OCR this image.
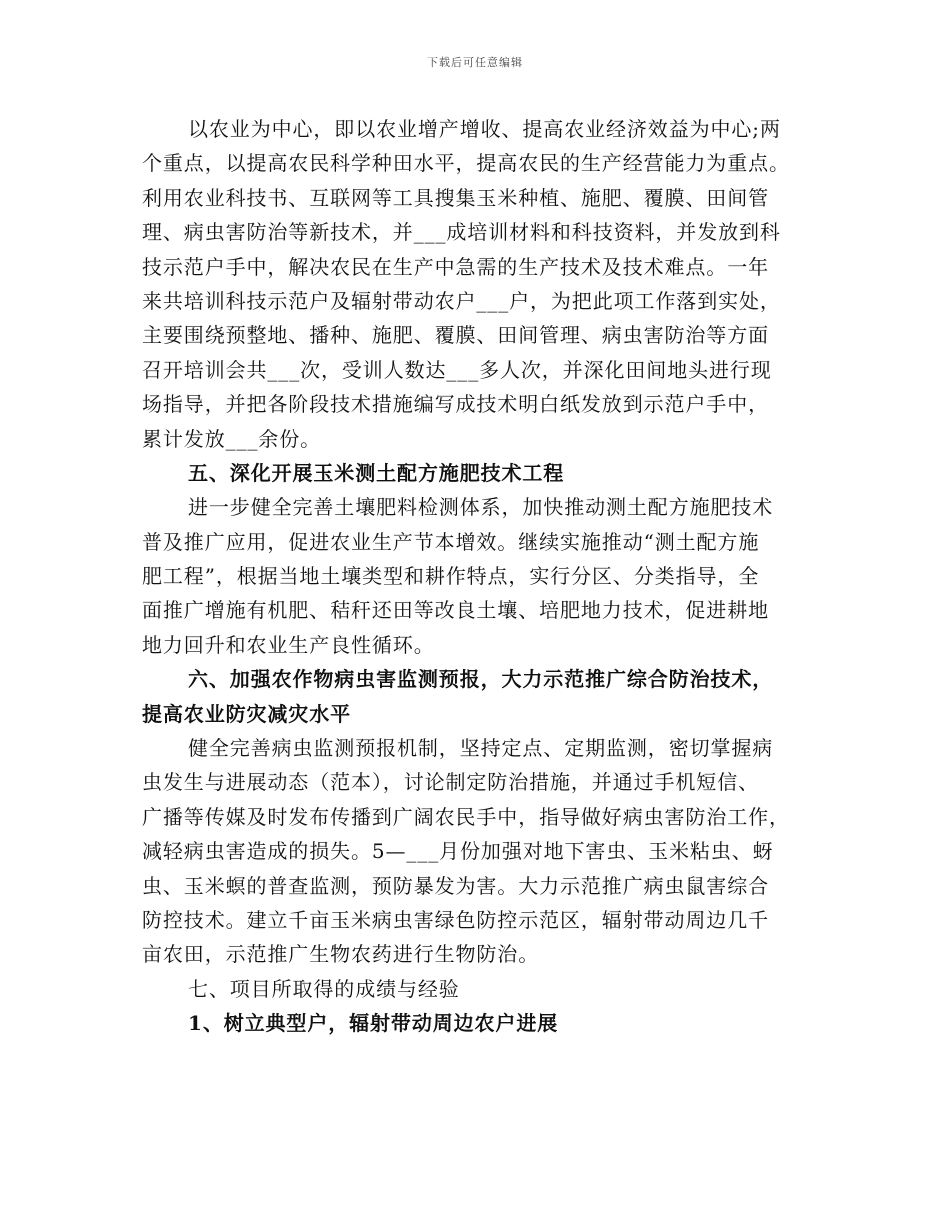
下载后可任意编辑
以农业为中心，即以农业增产增收、提高农业经济效益为中心;两
个重点，以提高农民科学种田水平，提高农民的生产经营能力为重点。
利用农业科技书、互联网等工具搜集玉米种植、施肥、覆膜、田间管
理、病虫害防治等新技术，并___成培训材料和科技资料，并发放到科
技示范户手中，解决农民在生产中急需的生产技术及技术难点。一年
来共培训科技示范户及辐射带动农户___户，为把此项工作落到实处，
主要围绕预整地、播种、施肥、覆膜、田间管理、病虫害防治等方面
召开培训会共___次，受训人数达___多人次，并深化田间地头进行现
场指导，并把各阶段技术措施编写成技术明白纸发放到示范户手中，
累计发放___余份。
五、深化开展玉米测土配方施肥技术工程
进一步健全完善土壤肥料检测体系，加快推动测土配方施肥技术
普及推广应用，促进农业生产节本增效。继续实施推动“测土配方施
肥工程”，根据当地土壤类型和耕作特点，实行分区、分类指导，全
面推广增施有机肥、秸秆还田等改良土壤、培肥地力技术，促进耕地
地力回升和农业生产良性循环。
六、加强农作物病虫害监测预报，大力示范推广综合防治技术，
提高农业防灾减灾水平
健全完善病虫监测预报机制，坚持定点、定期监测，密切掌握病
虫发生与进展动态（范本），讨论制定防治措施，并通过手机短信、
广播等传媒及时发布传播到广阔农民手中，指导做好病虫害防治工作，
减轻病虫害造成的损失。5—___月份加强对地下害虫、玉米粘虫、蚜
虫、玉米螟的普查监测，预防暴发为害。大力示范推广病虫鼠害综合
防控技术。建立千亩玉米病虫害绿色防控示范区，辐射带动周边几千
亩农田，示范推广生物农药进行生物防治。
七、项目所取得的成绩与经验
1、树立典型户，辐射带动周边农户进展
